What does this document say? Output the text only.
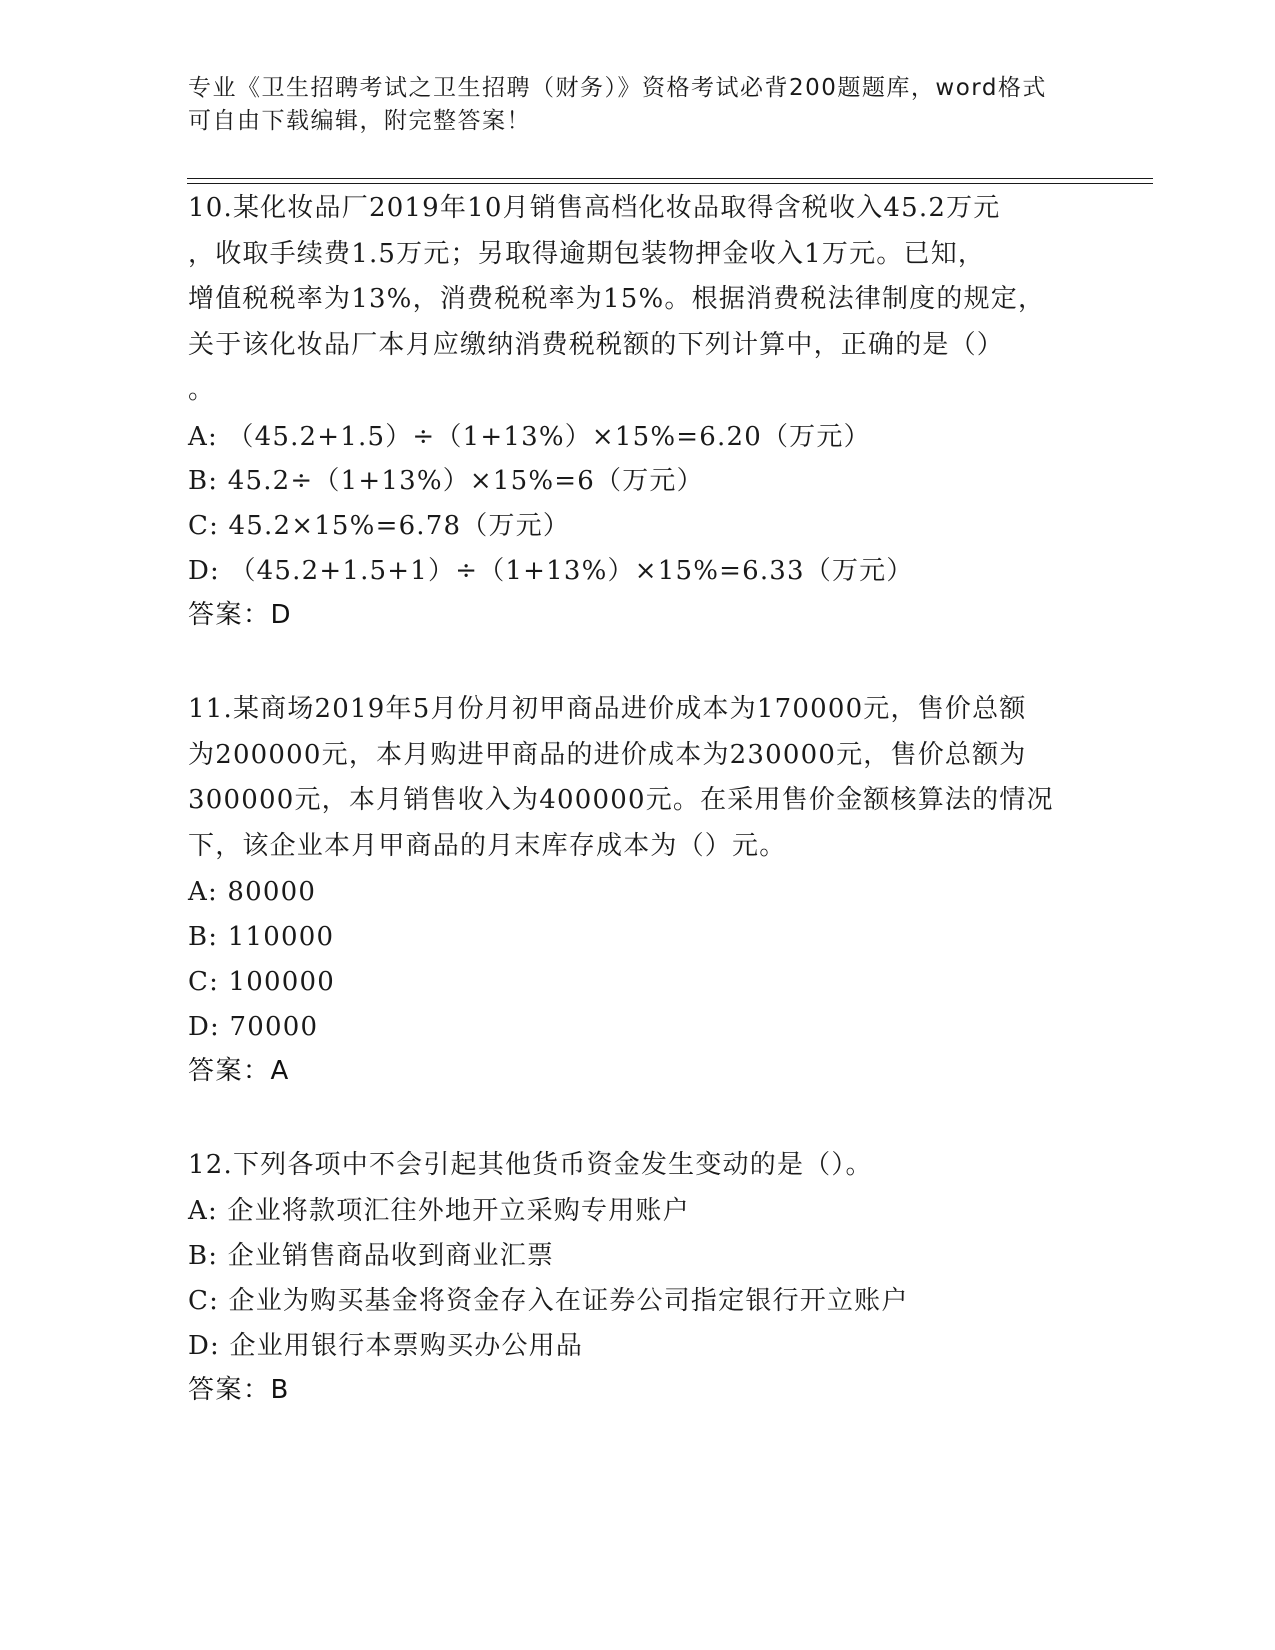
专业《卫生招聘考试之卫生招聘（财务）》资格考试必背200题题库，word格式
可自由下载编辑，附完整答案！
10.某化妆品厂2019年10月销售高档化妆品取得含税收入45.2万元
，收取手续费1.5万元；另取得逾期包装物押金收入1万元。已知，
增值税税率为13%，消费税税率为15%。根据消费税法律制度的规定，
关于该化妆品厂本月应缴纳消费税税额的下列计算中，正确的是（）
。
A: （45.2+1.5）÷（1+13%）×15%=6.20（万元）
B: 45.2÷（1+13%）×15%=6（万元）
C: 45.2×15%=6.78（万元）
D: （45.2+1.5+1）÷（1+13%）×15%=6.33（万元）
答案：D
11.某商场2019年5月份月初甲商品进价成本为170000元，售价总额
为200000元，本月购进甲商品的进价成本为230000元，售价总额为
300000元，本月销售收入为400000元。在采用售价金额核算法的情况
下，该企业本月甲商品的月末库存成本为（）元。
A: 80000
B: 110000
C: 100000
D: 70000
答案：A
12.下列各项中不会引起其他货币资金发生变动的是（）。
A: 企业将款项汇往外地开立采购专用账户
B: 企业销售商品收到商业汇票
C: 企业为购买基金将资金存入在证券公司指定银行开立账户
D: 企业用银行本票购买办公用品
答案：B
